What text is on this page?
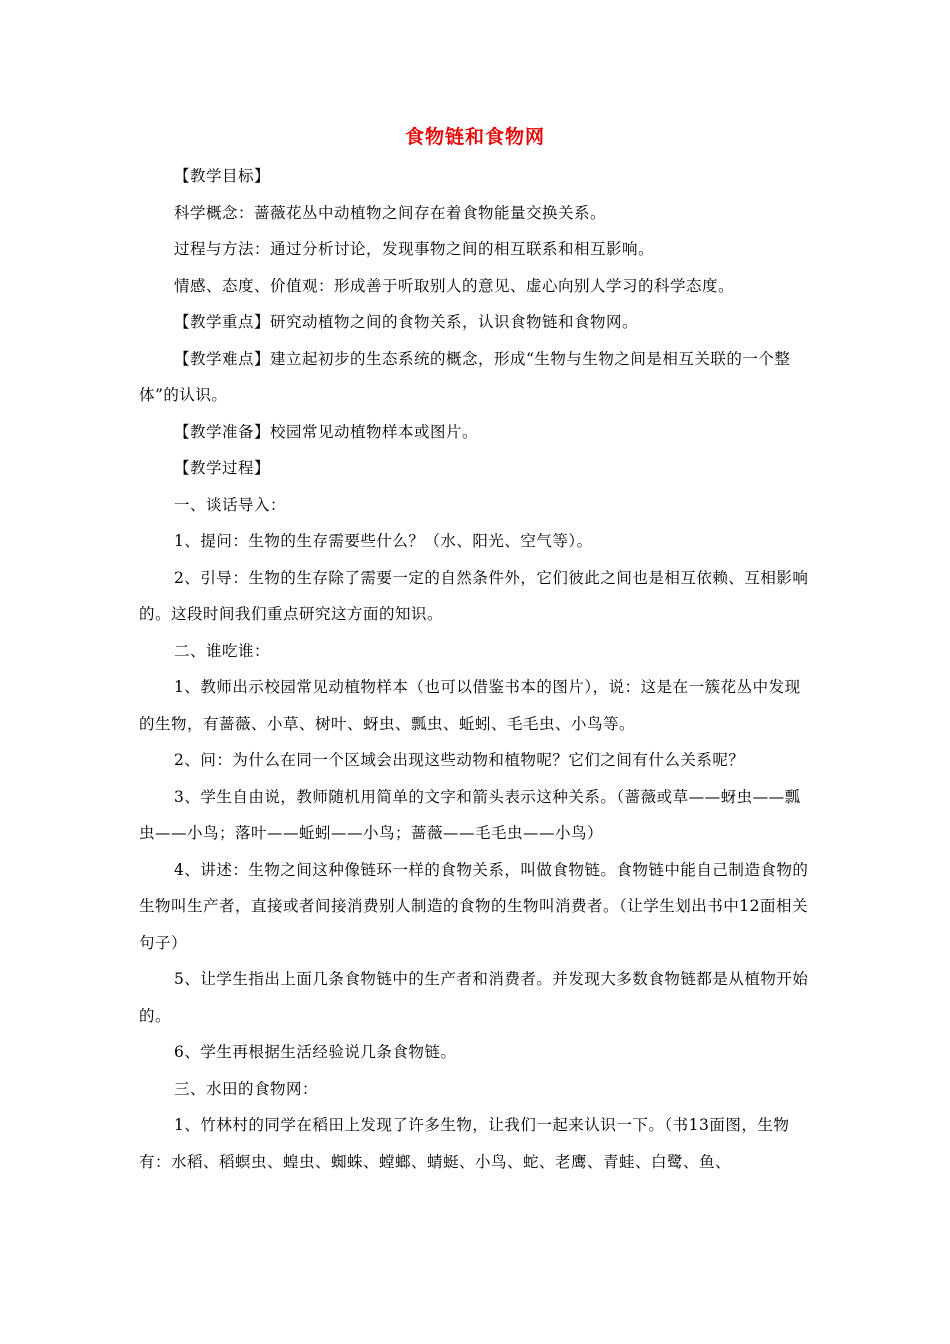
食物链和食物网

【教学目标】

科学概念：蔷薇花丛中动植物之间存在着食物能量交换关系。

过程与方法：通过分析讨论，发现事物之间的相互联系和相互影响。

情感、态度、价值观：形成善于听取别人的意见、虚心向别人学习的科学态度。

【教学重点】研究动植物之间的食物关系，认识食物链和食物网。

【教学难点】建立起初步的生态系统的概念，形成“生物与生物之间是相互关联的一个整体”的认识。

【教学准备】校园常见动植物样本或图片。

【教学过程】

一、谈话导入：

1、提问：生物的生存需要些什么？（水、阳光、空气等）。

2、引导：生物的生存除了需要一定的自然条件外，它们彼此之间也是相互依赖、互相影响的。这段时间我们重点研究这方面的知识。

二、谁吃谁：

1、教师出示校园常见动植物样本（也可以借鉴书本的图片），说：这是在一簇花丛中发现的生物，有蔷薇、小草、树叶、蚜虫、瓢虫、蚯蚓、毛毛虫、小鸟等。

2、问：为什么在同一个区域会出现这些动物和植物呢？它们之间有什么关系呢？

3、学生自由说，教师随机用简单的文字和箭头表示这种关系。（蔷薇或草——蚜虫——瓢虫——小鸟；落叶——蚯蚓——小鸟；蔷薇——毛毛虫——小鸟）

4、讲述：生物之间这种像链环一样的食物关系，叫做食物链。食物链中能自己制造食物的生物叫生产者，直接或者间接消费别人制造的食物的生物叫消费者。（让学生划出书中12面相关句子）

5、让学生指出上面几条食物链中的生产者和消费者。并发现大多数食物链都是从植物开始的。

6、学生再根据生活经验说几条食物链。

三、水田的食物网：

1、竹林村的同学在稻田上发现了许多生物，让我们一起来认识一下。（书13面图，生物有：水稻、稻螟虫、蝗虫、蜘蛛、螳螂、蜻蜓、小鸟、蛇、老鹰、青蛙、白鹭、鱼、
